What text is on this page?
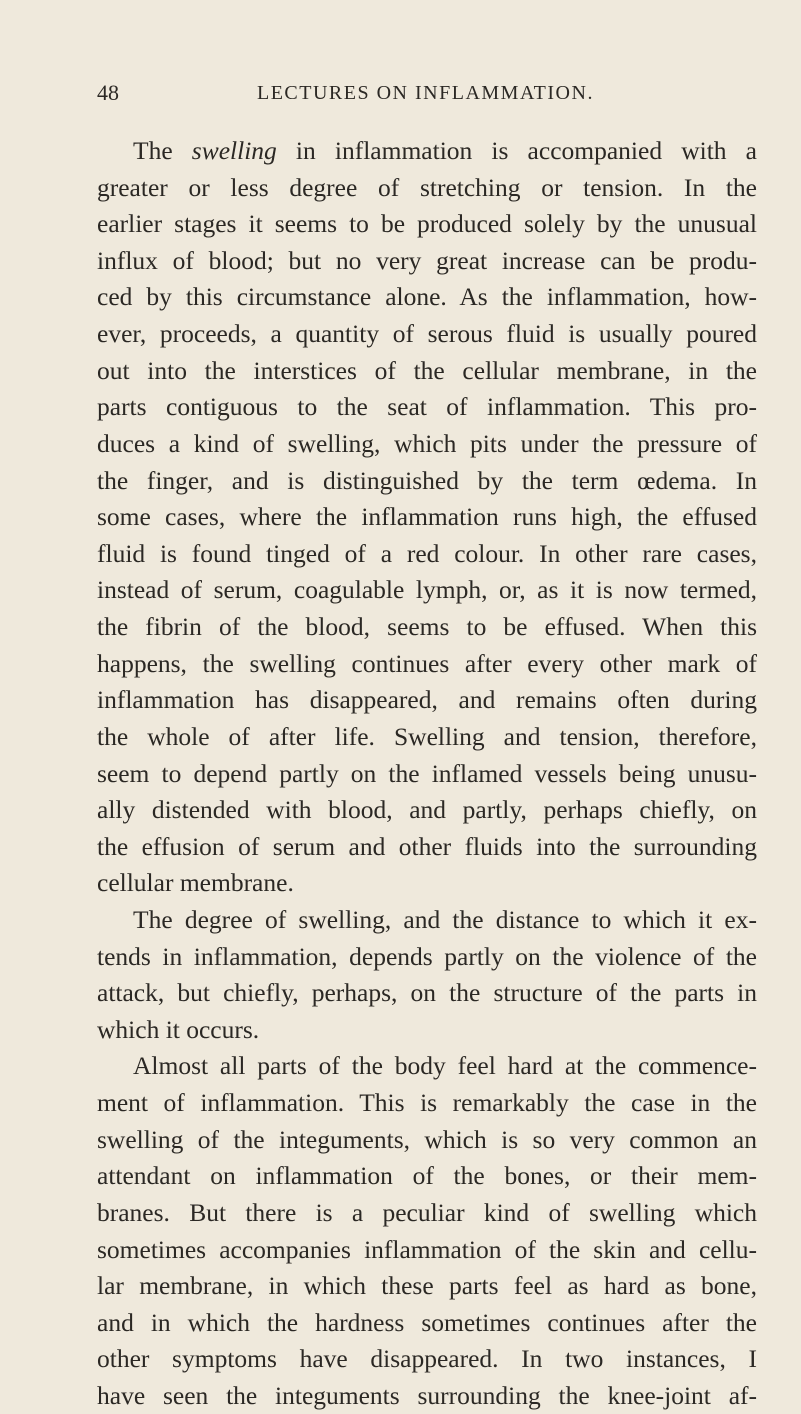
48	LECTURES ON INFLAMMATION.
The swelling in inflammation is accompanied with a
greater or less degree of stretching or tension. In the
earlier stages it seems to be produced solely by the unusual
influx of blood; but no very great increase can be produ-
ced by this circumstance alone. As the inflammation, how-
ever, proceeds, a quantity of serous fluid is usually poured
out into the interstices of the cellular membrane, in the
parts contiguous to the seat of inflammation. This pro-
duces a kind of swelling, which pits under the pressure of
the finger, and is distinguished by the term œdema. In
some cases, where the inflammation runs high, the effused
fluid is found tinged of a red colour. In other rare cases,
instead of serum, coagulable lymph, or, as it is now termed,
the fibrin of the blood, seems to be effused. When this
happens, the swelling continues after every other mark of
inflammation has disappeared, and remains often during
the whole of after life. Swelling and tension, therefore,
seem to depend partly on the inflamed vessels being unusu-
ally distended with blood, and partly, perhaps chiefly, on
the effusion of serum and other fluids into the surrounding
cellular membrane.
The degree of swelling, and the distance to which it ex-
tends in inflammation, depends partly on the violence of the
attack, but chiefly, perhaps, on the structure of the parts in
which it occurs.
Almost all parts of the body feel hard at the commence-
ment of inflammation. This is remarkably the case in the
swelling of the integuments, which is so very common an
attendant on inflammation of the bones, or their mem-
branes. But there is a peculiar kind of swelling which
sometimes accompanies inflammation of the skin and cellu-
lar membrane, in which these parts feel as hard as bone,
and in which the hardness sometimes continues after the
other symptoms have disappeared. In two instances, I
have seen the integuments surrounding the knee-joint af-
